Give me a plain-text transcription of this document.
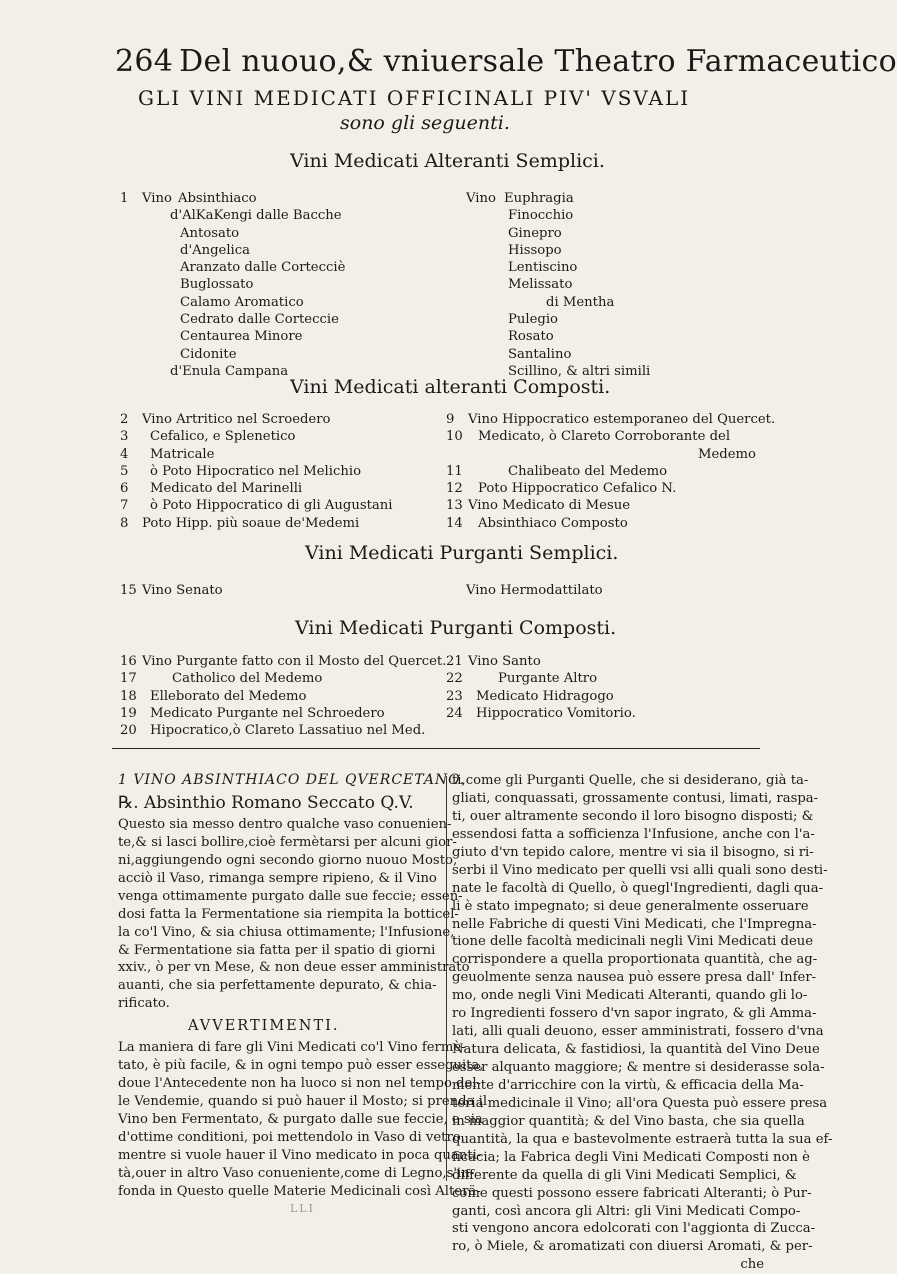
264 Del nuouo,& vniuersale Theatro Farmaceutico
GLI VINI MEDICATI OFFICINALI PIV' VSVALI
sono gli seguenti.
Vini Medicati Alteranti Semplici.
1 Vino Absinthiaco
d'AlKaKengi dalle Bacche
Antosato
d'Angelica
Aranzato dalle Cortecciè
Buglossato
Calamo Aromatico
Cedrato dalle Corteccie
Centaurea Minore
Cidonite
d'Enula Campana
Vino Euphragia
Finocchio
Ginepro
Hissopo
Lentiscino
Melissato
di Mentha
Pulegio
Rosato
Santalino
Scillino, & altri simili
Vini Medicati alteranti Composti.
2 Vino Artritico nel Scroedero
3 Cefalico, e Splenetico
4 Matricale
5 ò Poto Hipocratico nel Melichio
6 Medicato del Marinelli
7 ò Poto Hippocratico di gli Augustani
8 Poto Hipp. più soaue de'Medemi
9 Vino Hippocratico estemporaneo del Quercet.
10 Medicato, ò Clareto Corroborante del
Medemo
11	Chalibeato del Medemo
12 Poto Hippocratico Cefalico N.
13 Vino Medicato di Mesue
14 Absinthiaco Composto
Vini Medicati Purganti Semplici.
15 Vino Senato	Vino Hermodattilato
Vini Medicati Purganti Composti.
16 Vino Purgante fatto con il Mosto del Quercet.
17	Catholico del Medemo
18 Elleborato del Medemo
19 Medicato Purgante nel Schroedero
20 Hipocratico,ò Clareto Lassatiuo nel Med.
21 Vino Santo
22	Purgante Altro
23 Medicato Hidragogo
24 Hippocratico Vomitorio.
1 VINO ABSINTHIACO DEL QVERCETANO.
℞. Absinthio Romano Seccato Q.V.
Questo sia messo dentro qualche vaso conuenien-
te,& si lasci bollire,cioè fermètarsi per alcuni gior-
ni,aggiungendo ogni secondo giorno nuouo Mosto,
acciò il Vaso, rimanga sempre ripieno, & il Vino
venga ottimamente purgato dalle sue feccie; essen-
dosi fatta la Fermentatione sia riempita la botticel-
la co'l Vino, & sia chiusa ottimamente; l'Infusione,
& Fermentatione sia fatta per il spatio di giorni
xxiv., ò per vn Mese, & non deue esser amministrato
auanti, che sia perfettamente depurato, & chia-
rificato.
AVVERTIMENTI.
La maniera di fare gli Vini Medicati co'l Vino fermè-
tato, è più facile, & in ogni tempo può esser esseguita,
doue l'Antecedente non ha luoco si non nel tempo del-
le Vendemie, quando si può hauer il Mosto; si prenda il
Vino ben Fermentato, & purgato dalle sue feccie, e sia
d'ottime conditioni, poi mettendolo in Vaso di vetro,
mentre si vuole hauer il Vino medicato in poca quanti-
tà,ouer in altro Vaso conueniente,come di Legno,s'in-
fonda in Questo quelle Materie Medicinali così Alterä-
ti,come gli Purganti Quelle, che si desiderano, già ta-
gliati, conquassati, grossamente contusi, limati, raspa-
ti, ouer altramente secondo il loro bisogno disposti; &
essendosi fatta a sofficienza l'Infusione, anche con l'a-
giuto d'vn tepido calore, mentre vi sia il bisogno, si ri-
serbi il Vino medicato per quelli vsi alli quali sono desti-
nate le facoltà di Quello, ò quegl'Ingredienti, dagli qua-
li è stato impegnato; si deue generalmente osseruare
nelle Fabriche di questi Vini Medicati, che l'Impregna-
tione delle facoltà medicinali negli Vini Medicati deue
corrispondere a quella proportionata quantità, che ag-
geuolmente senza nausea può essere presa dall' Infer-
mo, onde negli Vini Medicati Alteranti, quando gli lo-
ro Ingredienti fossero d'vn sapor ingrato, & gli Amma-
lati, alli quali deuono, esser amministrati, fossero d'vna
Natura delicata, & fastidiosi, la quantità del Vino Deue
esser alquanto maggiore; & mentre si desiderasse sola-
mente d'arricchire con la virtù, & efficacia della Ma-
teria medicinale il Vino; all'ora Questa può essere presa
in maggior quantità; & del Vino basta, che sia quella
quantità, la qua e bastevolmente estraerà tutta la sua ef-
ficacia; la Fabrica degli Vini Medicati Composti non è
differente da quella di gli Vini Medicati Semplici, &
come questi possono essere fabricati Alteranti; ò Pur-
ganti, così ancora gli Altri: gli Vini Medicati Compo-
sti vengono ancora edolcorati con l'aggionta di Zucca-
ro, ò Miele, & aromatizati con diuersi Aromati, & per-
che
LLI
